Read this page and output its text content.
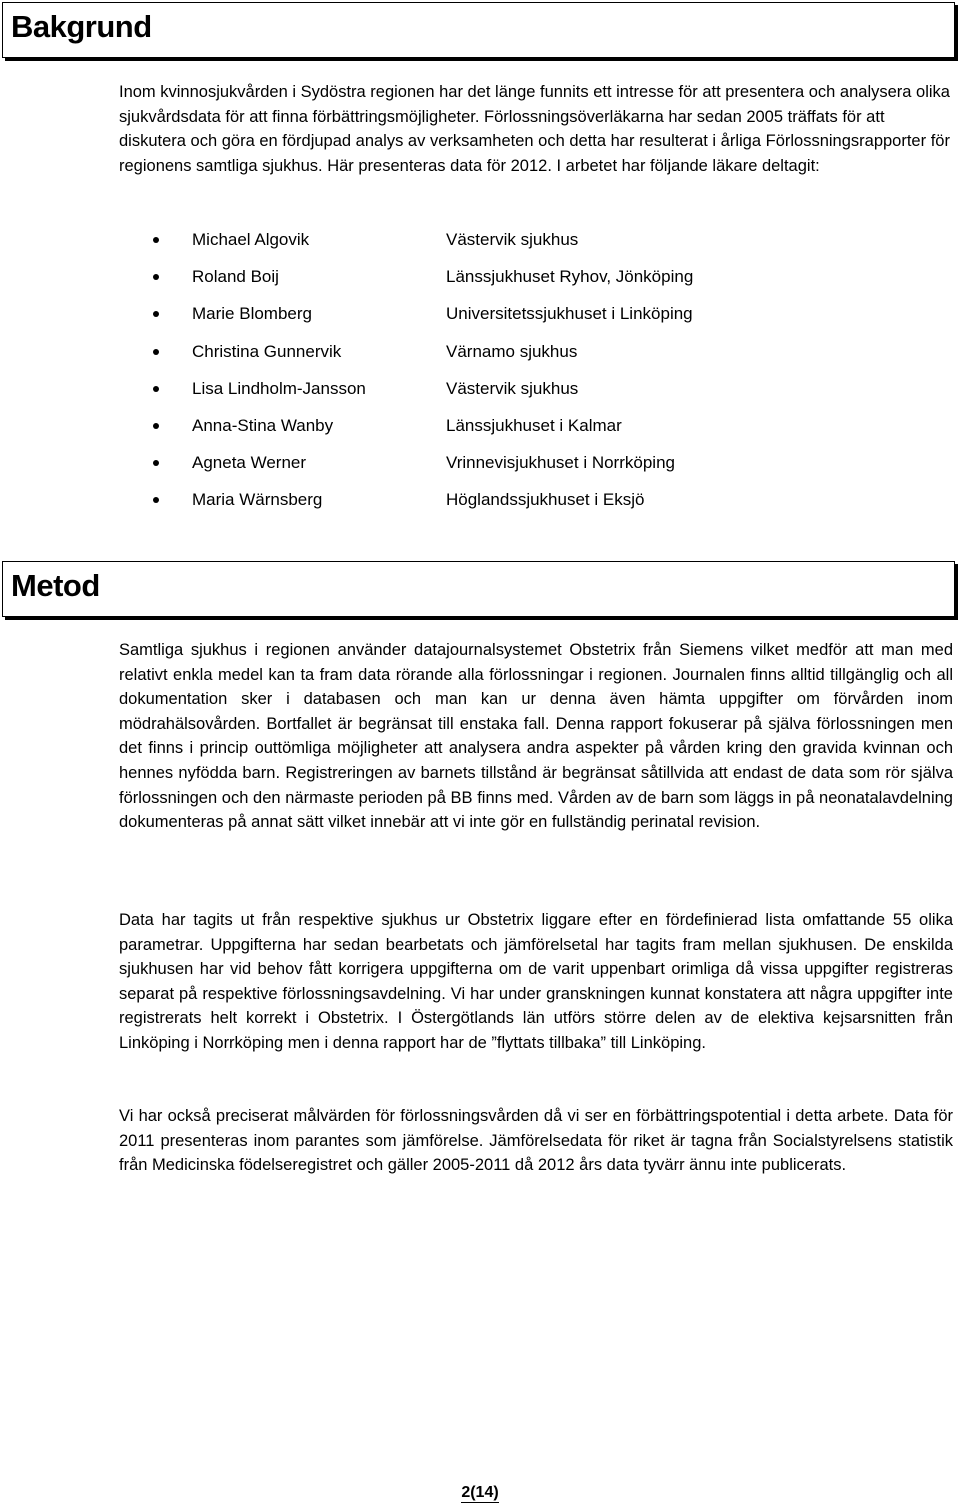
Bakgrund

Inom kvinnosjukvården i Sydöstra regionen har det länge funnits ett intresse för att presentera och analysera olika sjukvårdsdata för att finna förbättringsmöjligheter. Förlossningsöverläkarna har sedan 2005 träffats för att diskutera och göra en fördjupad analys av verksamheten och detta har resulterat i årliga Förlossningsrapporter för regionens samtliga sjukhus. Här presenteras data för 2012. I arbetet har följande läkare deltagit:

Michael Algovik	Västervik sjukhus
Roland Boij	Länssjukhuset Ryhov, Jönköping
Marie Blomberg	Universitetssjukhuset i Linköping
Christina Gunnervik	Värnamo sjukhus
Lisa Lindholm-Jansson	Västervik sjukhus
Anna-Stina Wanby	Länssjukhuset i Kalmar
Agneta Werner	Vrinnevisjukhuset i Norrköping
Maria Wärnsberg	Höglandssjukhuset i Eksjö
Metod

Samtliga sjukhus i regionen använder datajournalsystemet Obstetrix från Siemens vilket medför att man med relativt enkla medel kan ta fram data rörande alla förlossningar i regionen. Journalen finns alltid tillgänglig och all dokumentation sker i databasen och man kan ur denna även hämta uppgifter om förvården inom mödrahälsovården. Bortfallet är begränsat till enstaka fall. Denna rapport fokuserar på själva förlossningen men det finns i princip outtömliga möjligheter att analysera andra aspekter på vården kring den gravida kvinnan och hennes nyfödda barn. Registreringen av barnets tillstånd är begränsat såtillvida att endast de data som rör själva förlossningen och den närmaste perioden på BB finns med. Vården av de barn som läggs in på neonatalavdelning dokumenteras på annat sätt vilket innebär att vi inte gör en fullständig perinatal revision.

Data har tagits ut från respektive sjukhus ur Obstetrix liggare efter en fördefinierad lista omfattande 55 olika parametrar. Uppgifterna har sedan bearbetats och jämförelsetal har tagits fram mellan sjukhusen. De enskilda sjukhusen har vid behov fått korrigera uppgifterna om de varit uppenbart orimliga då vissa uppgifter registreras separat på respektive förlossningsavdelning. Vi har under granskningen kunnat konstatera att några uppgifter inte registrerats helt korrekt i Obstetrix. I Östergötlands län utförs större delen av de elektiva kejsarsnitten från Linköping i Norrköping men i denna rapport har de ”flyttats tillbaka” till Linköping.

Vi har också preciserat målvärden för förlossningsvården då vi ser en förbättringspotential i detta arbete. Data för 2011 presenteras inom parantes som jämförelse. Jämförelsedata för riket är tagna från Socialstyrelsens statistik från Medicinska födelseregistret och gäller 2005-2011 då 2012 års data tyvärr ännu inte publicerats.

2(14)
